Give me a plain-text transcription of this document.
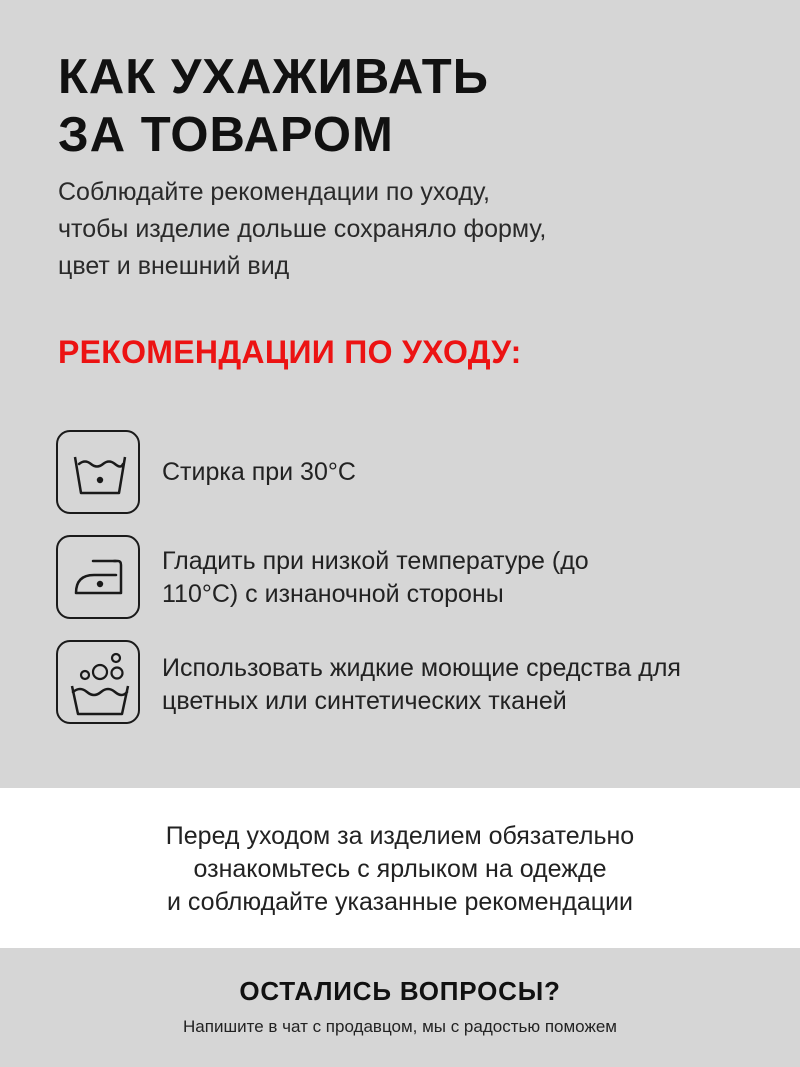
КАК УХАЖИВАТЬ
ЗА ТОВАРОМ

Соблюдайте рекомендации по уходу,
чтобы изделие дольше сохраняло форму,
цвет и внешний вид

РЕКОМЕНДАЦИИ ПО УХОДУ:
Стирка при 30°С
Гладить при низкой температуре (до
110°С) с изнаночной стороны
Использовать жидкие моющие средства для
цветных или синтетических тканей

Перед уходом за изделием обязательно
ознакомьтесь с ярлыком на одежде
и соблюдайте указанные рекомендации

ОСТАЛИСЬ ВОПРОСЫ?
Напишите в чат с продавцом, мы с радостью поможем
